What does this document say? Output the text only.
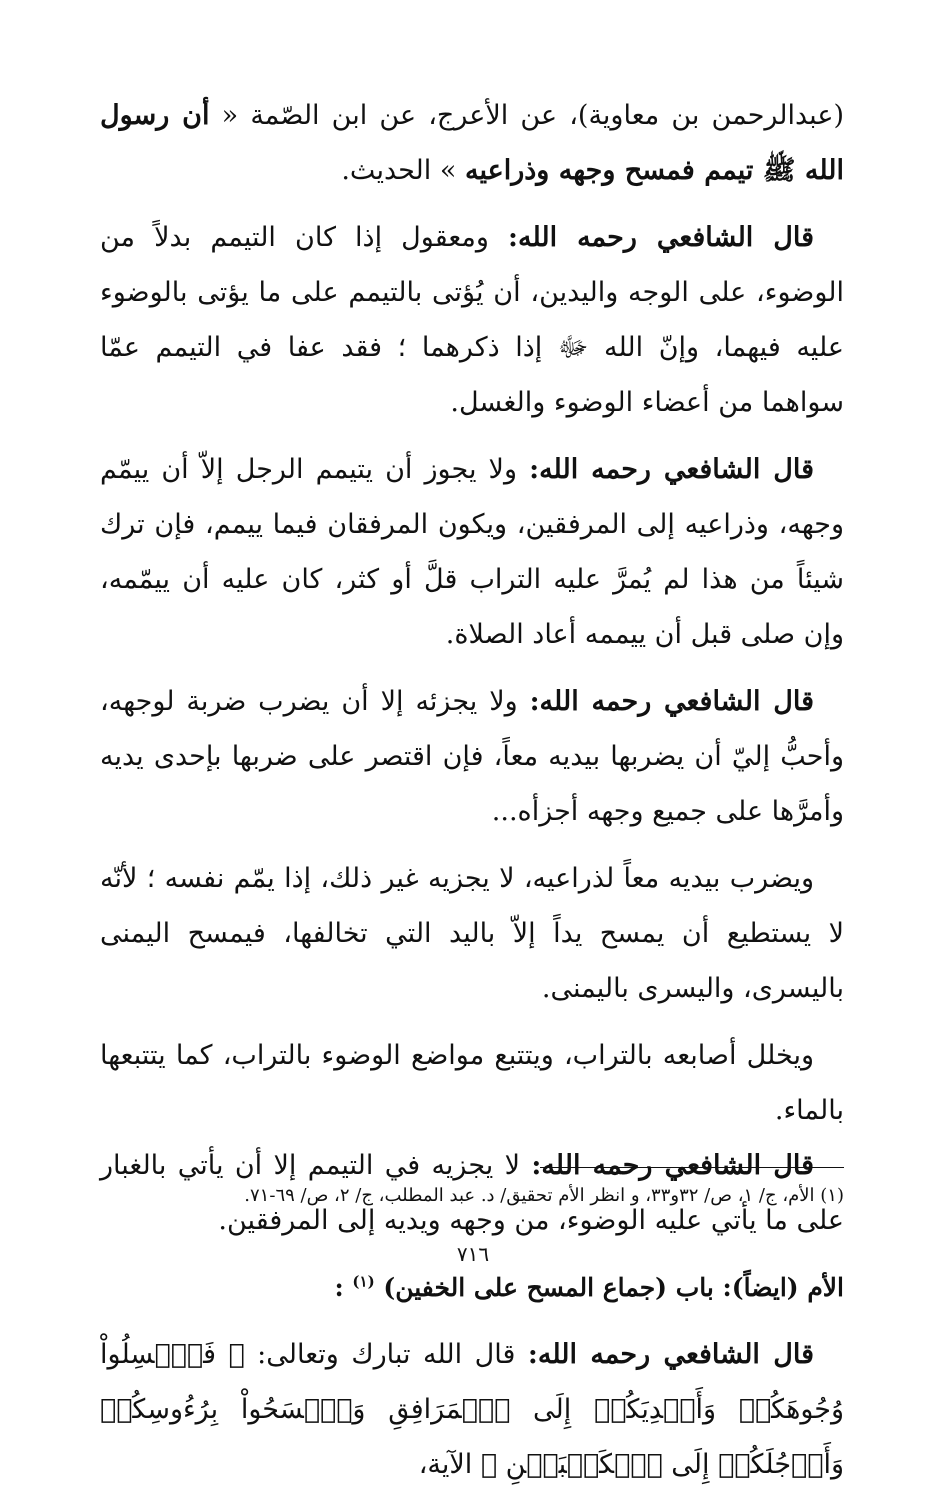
(عبدالرحمن بن معاوية)، عن الأعرج، عن ابن الصّمة « أن رسول الله ﷺ تيمم فمسح وجهه وذراعيه » الحديث.

قال الشافعي رحمه الله: ومعقول إذا كان التيمم بدلاً من الوضوء، على الوجه واليدين، أن يُؤتى بالتيمم على ما يؤتى بالوضوء عليه فيهما، وإنّ الله ﷻ إذا ذكرهما ؛ فقد عفا في التيمم عمّا سواهما من أعضاء الوضوء والغسل.

قال الشافعي رحمه الله: ولا يجوز أن يتيمم الرجل إلاّ أن ييمّم وجهه، وذراعيه إلى المرفقين، ويكون المرفقان فيما ييمم، فإن ترك شيئاً من هذا لم يُمرَّ عليه التراب قلَّ أو كثر، كان عليه أن ييمّمه، وإن صلى قبل أن ييممه أعاد الصلاة.

قال الشافعي رحمه الله: ولا يجزئه إلا أن يضرب ضربة لوجهه، وأحبُّ إليّ أن يضربها بيديه معاً، فإن اقتصر على ضربها بإحدى يديه وأمرَّها على جميع وجهه أجزأه...

ويضرب بيديه معاً لذراعيه، لا يجزيه غير ذلك، إذا يمّم نفسه ؛ لأنّه لا يستطيع أن يمسح يداً إلاّ باليد التي تخالفها، فيمسح اليمنى باليسرى، واليسرى باليمنى.

ويخلل أصابعه بالتراب، ويتتبع مواضع الوضوء بالتراب، كما يتتبعها بالماء.

قال الشافعي رحمه الله: لا يجزيه في التيمم إلا أن يأتي بالغبار على ما يأتي عليه الوضوء، من وجهه ويديه إلى المرفقين.

الأم (ايضاً): باب (جماع المسح على الخفين) $^{(١)}$ :

قال الشافعي رحمه الله: قال الله تبارك وتعالى: ﴿ فَٱغۡسِلُواْ وُجُوهَكُمۡ وَأَيۡدِيَكُمۡ إِلَى ٱلۡمَرَافِقِ وَٱمۡسَحُواْ بِرُءُوسِكُمۡ وَأَرۡجُلَكُمۡ إِلَى ٱلۡكَعۡبَيۡنِ ﴾ الآية،

(١) الأم، ج/ ١، ص/ ٣٢و٣٣، و انظر الأم تحقيق/ د. عبد المطلب، ج/ ٢، ص/ ٦٩-٧١.
٧١٦
